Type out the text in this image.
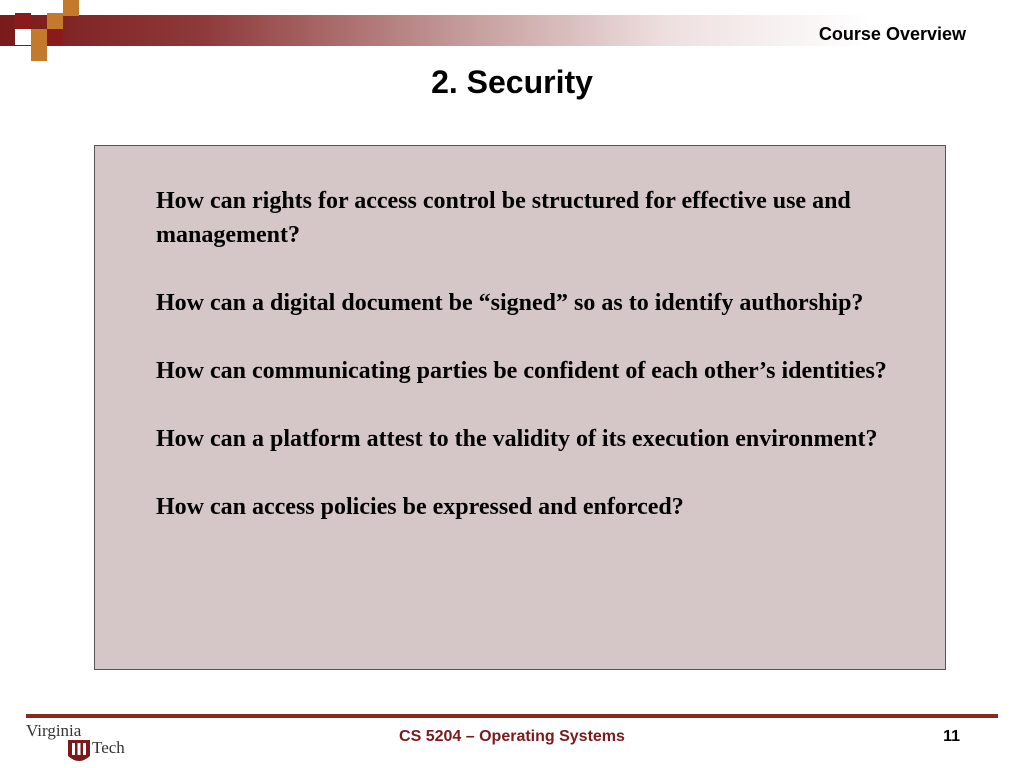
Course Overview
2. Security
How can rights for access control be structured for effective use and management?
How can a digital document be “signed” so as to identify authorship?
How can communicating parties be confident of each other’s identities?
How can a platform attest to the validity of its execution environment?
How can access policies be expressed and enforced?
Virginia
Tech
CS 5204 – Operating Systems	11
